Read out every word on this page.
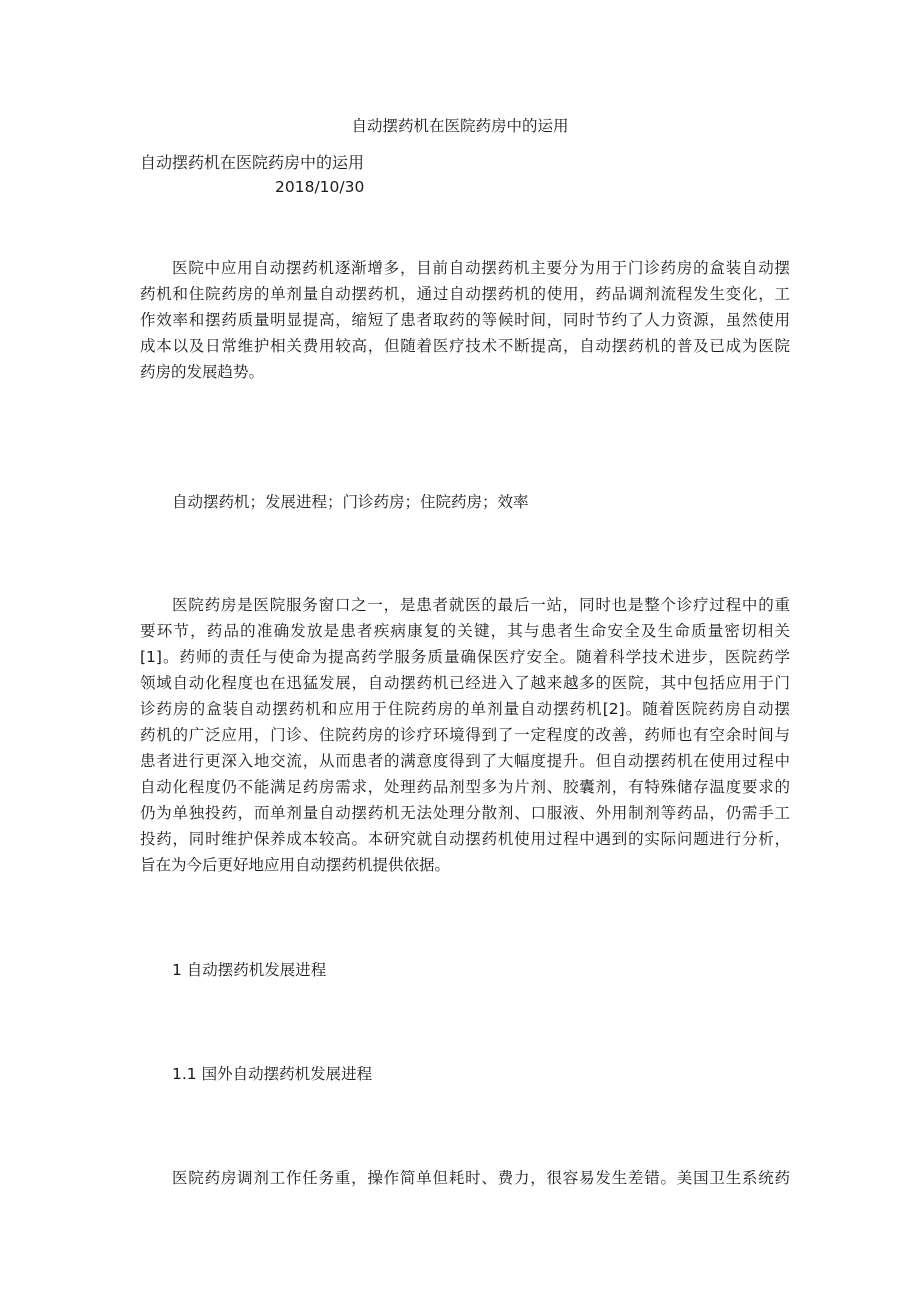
自动摆药机在医院药房中的运用
自动摆药机在医院药房中的运用
2018/10/30
医院中应用自动摆药机逐渐增多，目前自动摆药机主要分为用于门诊药房的盒装自动摆
药机和住院药房的单剂量自动摆药机，通过自动摆药机的使用，药品调剂流程发生变化，工
作效率和摆药质量明显提高，缩短了患者取药的等候时间，同时节约了人力资源，虽然使用
成本以及日常维护相关费用较高，但随着医疗技术不断提高，自动摆药机的普及已成为医院
药房的发展趋势。
自动摆药机；发展进程；门诊药房；住院药房；效率
医院药房是医院服务窗口之一，是患者就医的最后一站，同时也是整个诊疗过程中的重
要环节，药品的准确发放是患者疾病康复的关键，其与患者生命安全及生命质量密切相关
[1]。药师的责任与使命为提高药学服务质量确保医疗安全。随着科学技术进步，医院药学
领域自动化程度也在迅猛发展，自动摆药机已经进入了越来越多的医院，其中包括应用于门
诊药房的盒装自动摆药机和应用于住院药房的单剂量自动摆药机[2]。随着医院药房自动摆
药机的广泛应用，门诊、住院药房的诊疗环境得到了一定程度的改善，药师也有空余时间与
患者进行更深入地交流，从而患者的满意度得到了大幅度提升。但自动摆药机在使用过程中
自动化程度仍不能满足药房需求，处理药品剂型多为片剂、胶囊剂，有特殊储存温度要求的
仍为单独投药，而单剂量自动摆药机无法处理分散剂、口服液、外用制剂等药品，仍需手工
投药，同时维护保养成本较高。本研究就自动摆药机使用过程中遇到的实际问题进行分析，
旨在为今后更好地应用自动摆药机提供依据。
1 自动摆药机发展进程
1.1 国外自动摆药机发展进程
医院药房调剂工作任务重，操作简单但耗时、费力，很容易发生差错。美国卫生系统药
